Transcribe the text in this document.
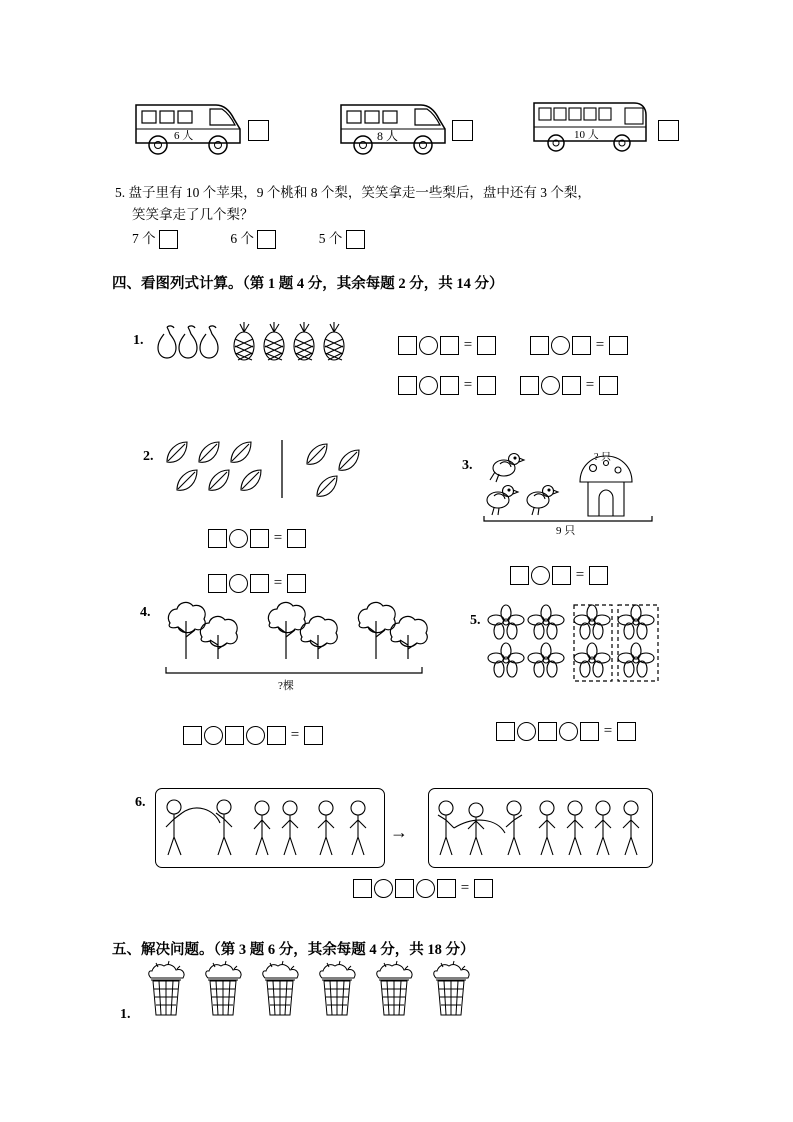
6 人	8 人	10 人
5. 盘子里有 10 个苹果，9 个桃和 8 个梨，笑笑拿走一些梨后，盘中还有 3 个梨，
笑笑拿走了几个梨？
7 个	6 个	5 个
四、看图列式计算。（第 1 题 4 分，其余每题 2 分，共 14 分）
1.	=	=
=	=
2.
=
=
3.
? 只
9 只
=
4.
?棵
=
5.
=
6.
→
=
五、解决问题。（第 3 题 6 分，其余每题 4 分，共 18 分）
1.
